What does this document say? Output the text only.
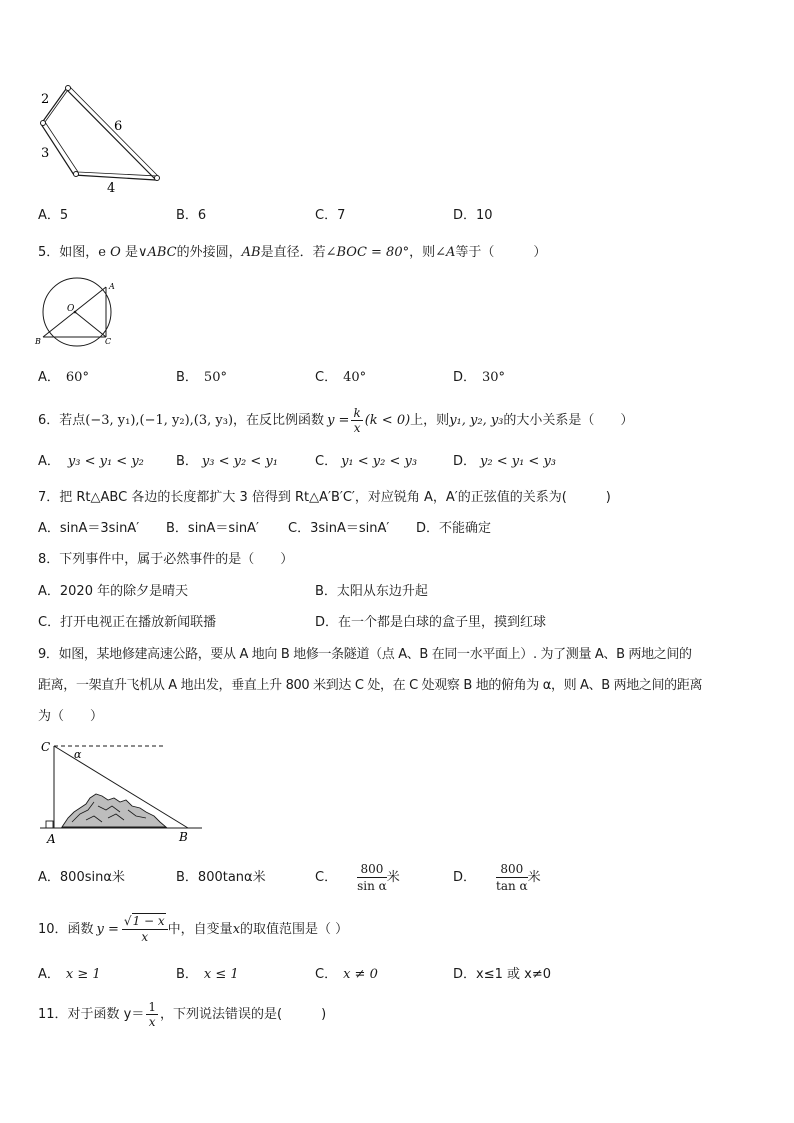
2
3
6
4
A．5	B．6	C．7	D．10
5．如图，e O 是∨ABC的外接圆，AB是直径．若∠BOC = 80°，则∠A等于（　　　）
A
O
B	C
A． 60°	B． 50°	C． 40°	D． 30°
6．若点 (−3, y₁),(−1, y₂),(3, y₃) ，在反比例函数 $y = \frac{k}{x} (k < 0)$ 上，则 y₁, y₂, y₃ 的大小关系是（　　）
A． y₃ < y₁ < y₂ B． y₃ < y₂ < y₁	C． y₁ < y₂ < y₃	D． y₂ < y₁ < y₃
7．把 Rt△ABC 各边的长度都扩大 3 倍得到 Rt△A′B′C′，对应锐角 A，A′的正弦值的关系为(　　　)
A．sinA＝3sinA′ B．sinA＝sinA′ C．3sinA＝sinA′ D．不能确定
8．下列事件中，属于必然事件的是（　　）
A．2020 年的除夕是晴天	B．太阳从东边升起
C．打开电视正在播放新闻联播	D．在一个都是白球的盒子里，摸到红球
9．如图，某地修建高速公路，要从 A 地向 B 地修一条隧道（点 A、B 在同一水平面上）. 为了测量 A、B 两地之间的
距离，一架直升飞机从 A 地出发，垂直上升 800 米到达 C 处，在 C 处观察 B 地的俯角为 α，则 A、B 两地之间的距离
为（　　）
C
α
A	B
A．800sinα米	B．800tanα米	C． $\frac{800}{\text{sin α}}$ 米	D． $\frac{800}{\text{tan α}}$ 米
10．函数 $y = \frac{√1 - x}{x}$ 中，自变量 x 的取值范围是（ ）
A． x ≥ 1	B． x ≤ 1	C． x ≠ 0	D．x≤1 或 x≠0
11．对于函数 $y= \frac{1}{x}$ ，下列说法错误的是(　　　)
